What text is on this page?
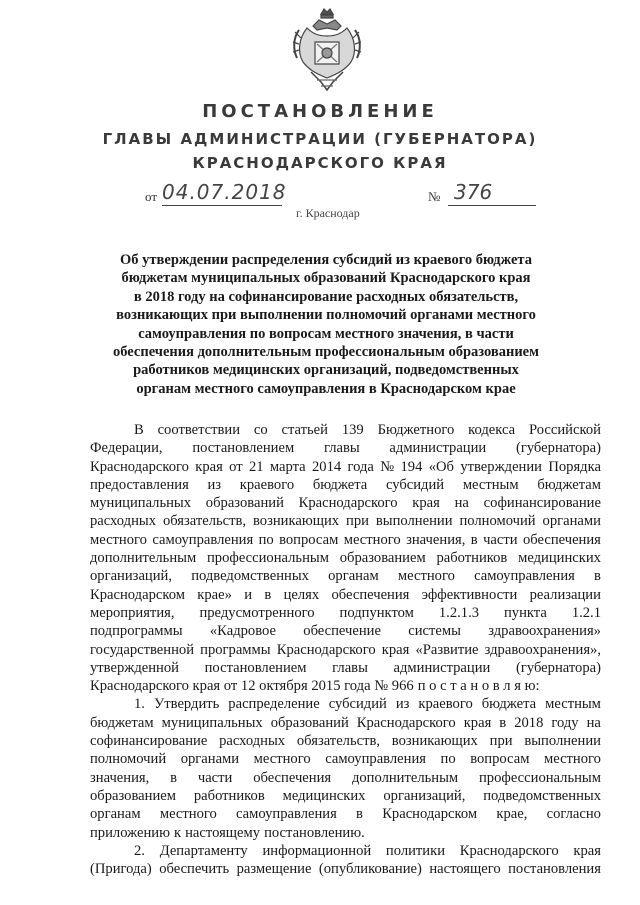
ПОСТАНОВЛЕНИЕ
ГЛАВЫ АДМИНИСТРАЦИИ (ГУБЕРНАТОРА)
КРАСНОДАРСКОГО КРАЯ
от 04.07.2018	№ 376
г. Краснодар
Об утверждении распределения субсидий из краевого бюджета
бюджетам муниципальных образований Краснодарского края
в 2018 году на софинансирование расходных обязательств,
возникающих при выполнении полномочий органами местного
самоуправления по вопросам местного значения, в части
обеспечения дополнительным профессиональным образованием
работников медицинских организаций, подведомственных
органам местного самоуправления в Краснодарском крае
В соответствии со статьей 139 Бюджетного кодекса Российской
Федерации, постановлением главы администрации (губернатора)
Краснодарского края от 21 марта 2014 года № 194 «Об утверждении Порядка
предоставления из краевого бюджета субсидий местным бюджетам
муниципальных образований Краснодарского края на софинансирование
расходных обязательств, возникающих при выполнении полномочий органами
местного самоуправления по вопросам местного значения, в части обеспечения
дополнительным профессиональным образованием работников медицинских
организаций, подведомственных органам местного самоуправления в
Краснодарском крае» и в целях обеспечения эффективности реализации
мероприятия, предусмотренного подпунктом 1.2.1.3 пункта 1.2.1
подпрограммы «Кадровое обеспечение системы здравоохранения»
государственной программы Краснодарского края «Развитие здравоохранения»,
утвержденной постановлением главы администрации (губернатора)
Краснодарского края от 12 октября 2015 года № 966 п о с т а н о в л я ю:
1. Утвердить распределение субсидий из краевого бюджета местным
бюджетам муниципальных образований Краснодарского края в 2018 году на
софинансирование расходных обязательств, возникающих при выполнении
полномочий органами местного самоуправления по вопросам местного
значения, в части обеспечения дополнительным профессиональным
образованием работников медицинских организаций, подведомственных
органам местного самоуправления в Краснодарском крае, согласно
приложению к настоящему постановлению.
2. Департаменту информационной политики Краснодарского края
(Пригода) обеспечить размещение (опубликование) настоящего постановления
